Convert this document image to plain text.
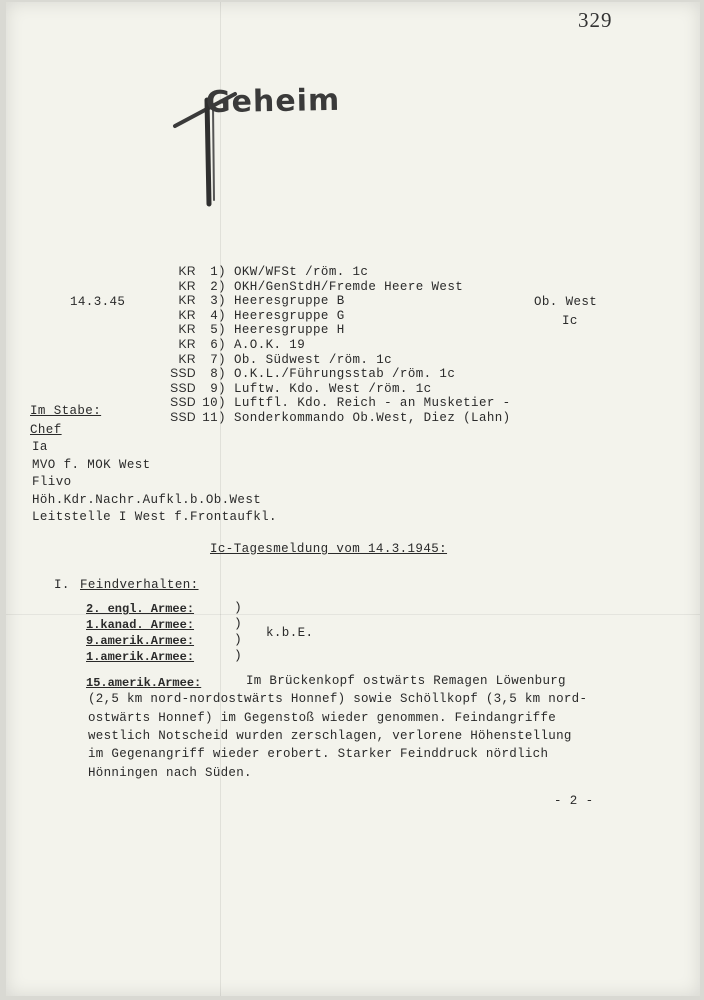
329
Geheim
14.3.45	Ob. West
Ic
KR 1) OKW/WFSt /röm. 1c
KR 2) OKH/GenStdH/Fremde Heere West
KR 3) Heeresgruppe B
KR 4) Heeresgruppe G
KR 5) Heeresgruppe H
KR 6) A.O.K. 19
KR 7) Ob. Südwest /röm. 1c
SSD 8) O.K.L./Führungsstab /röm. 1c
SSD 9) Luftw. Kdo. West /röm. 1c
SSD 10) Luftfl. Kdo. Reich - an Musketier -
SSD 11) Sonderkommando Ob.West, Diez (Lahn)
Im Stabe:
Chef
Ia
MVO f. MOK West
Flivo
Höh.Kdr.Nachr.Aufkl.b.Ob.West
Leitstelle I West f.Frontaufkl.
Ic-Tagesmeldung vom 14.3.1945:
I. Feindverhalten:
2. engl. Armee:	)
1.kanad. Armee:	)
9.amerik.Armee:	)
1.amerik.Armee:	)
k.b.E.
15.amerik.Armee:	Im Brückenkopf ostwärts Remagen Löwenburg
(2,5 km nord-nordostwärts Honnef) sowie Schöllkopf (3,5 km nord-
ostwärts Honnef) im Gegenstoß wieder genommen. Feindangriffe
westlich Notscheid wurden zerschlagen, verlorene Höhenstellung
im Gegenangriff wieder erobert. Starker Feinddruck nördlich
Hönningen nach Süden.
- 2 -
